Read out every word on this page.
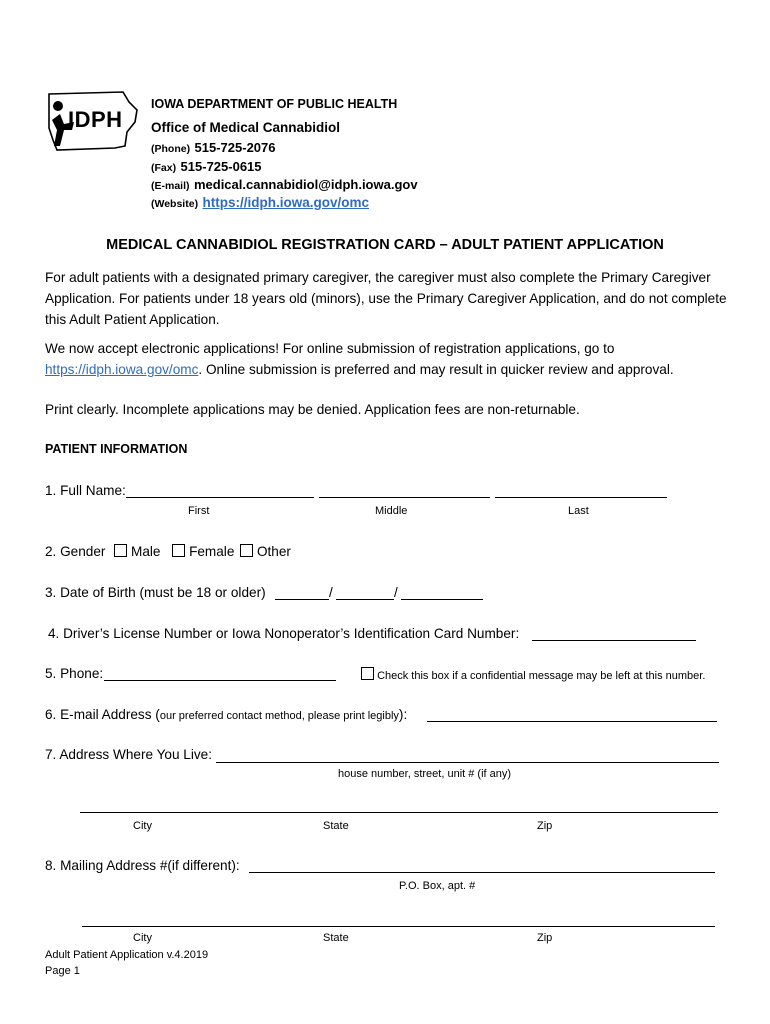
IDPH
IOWA DEPARTMENT OF PUBLIC HEALTH
Office of Medical Cannabidiol
(Phone) 515-725-2076
(Fax) 515-725-0615
(E-mail) medical.cannabidiol@idph.iowa.gov
(Website) https://idph.iowa.gov/omc
MEDICAL CANNABIDIOL REGISTRATION CARD – ADULT PATIENT APPLICATION
For adult patients with a designated primary caregiver, the caregiver must also complete the Primary Caregiver Application. For patients under 18 years old (minors), use the Primary Caregiver Application, and do not complete this Adult Patient Application.
We now accept electronic applications! For online submission of registration applications, go to https://idph.iowa.gov/omc. Online submission is preferred and may result in quicker review and approval.
Print clearly. Incomplete applications may be denied. Application fees are non-returnable.
PATIENT INFORMATION
1. Full Name:
First	Middle	Last
2. Gender Male Female Other
3. Date of Birth (must be 18 or older)	/	/
4. Driver’s License Number or Iowa Nonoperator’s Identification Card Number:
5. Phone:	Check this box if a confidential message may be left at this number.
6. E-mail Address (our preferred contact method, please print legibly):
7. Address Where You Live:
house number, street, unit # (if any)
City	State	Zip
8. Mailing Address #(if different):
P.O. Box, apt. #
City	State	Zip
Adult Patient Application v.4.2019
Page 1
